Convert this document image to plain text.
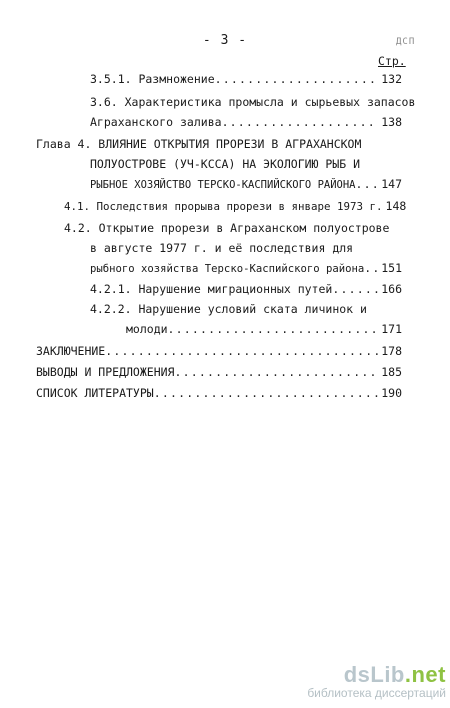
- 3 -	ДСП
Стр.
3.5.1. Размножение .....	132
3.6. Характеристика промысла и сырьевых запасов
Аграханского залива .....	138
Глава 4. ВЛИЯНИЕ ОТКРЫТИЯ ПРОРЕЗИ В АГРАХАНСКОМ
ПОЛУОСТРОВЕ (УЧ-КССА) НА ЭКОЛОГИЮ РЫБ И
РЫБНОЕ ХОЗЯЙСТВО ТЕРСКО-КАСПИЙСКОГО РАЙОНА ..... 147
4.1. Последствия прорыва прорези в январе 1973 г. 148
4.2. Открытие прорези в Аграханском полуострове
в августе 1977 г. и её последствия для
рыбного хозяйства Терско-Каспийского района ..... 151
4.2.1. Нарушение миграционных путей .....	166
4.2.2. Нарушение условий ската личинок и
молоди .....	171
ЗАКЛЮЧЕНИЕ .....	178
ВЫВОДЫ И ПРЕДЛОЖЕНИЯ .....	185
СПИСОК ЛИТЕРАТУРЫ .....	190
dsLib.net
библиотека диссертаций
